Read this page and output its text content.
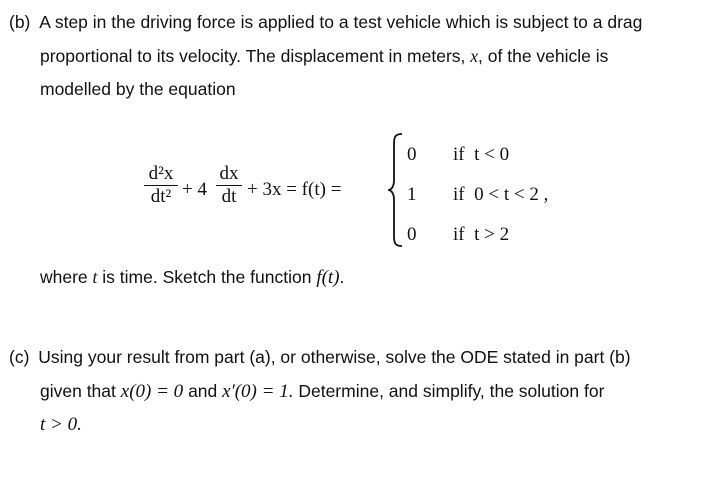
(b) A step in the driving force is applied to a test vehicle which is subject to a drag
proportional to its velocity. The displacement in meters, x, of the vehicle is
modelled by the equation
d²x
dt² + 4
dx
dt + 3x = f(t) =
0 if  t < 0
1 if  0 < t < 2 ,
0 if  t > 2
where t is time. Sketch the function f(t).
(c) Using your result from part (a), or otherwise, solve the ODE stated in part (b)
given that x(0) = 0 and x′(0) = 1. Determine, and simplify, the solution for
t > 0.
